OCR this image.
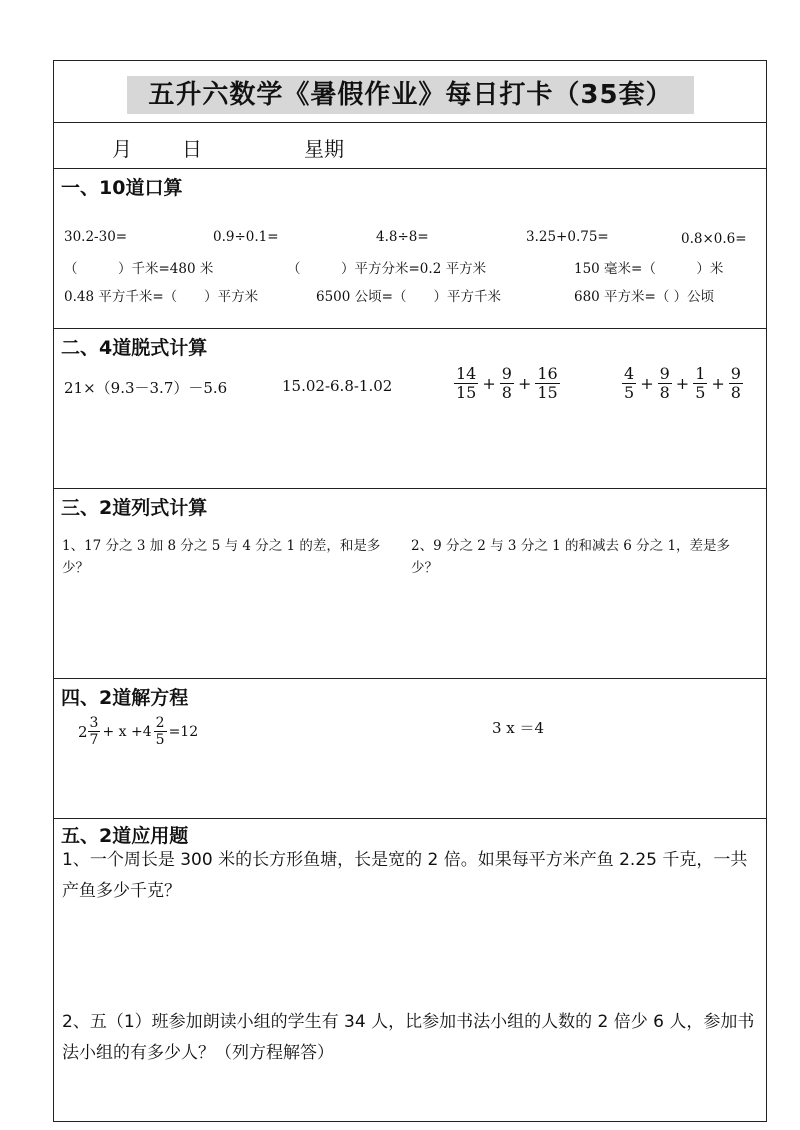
五升六数学《暑假作业》每日打卡（35套）
月	日	星期
一、10道口算
30.2-30=	0.9÷0.1=	4.8÷8=	3.25+0.75=	0.8×0.6=
（　　　）千米=480 米	（　　　）平方分米=0.2 平方米	150 毫米=（　　　）米
0.48 平方千米=（　　）平方米	6500 公顷=（　　）平方千米	680 平方米=（ ）公顷
二、4道脱式计算
21×（9.3－3.7）－5.6	15.02-6.8-1.02	$\frac{14}{15} + \frac{9}{8} + \frac{16}{15}$	$\frac{4}{5} + \frac{9}{8} + \frac{1}{5} + \frac{9}{8}$
三、2道列式计算
1、17 分之 3 加 8 分之 5 与 4 分之 1 的差，和是多少？
2、9 分之 2 与 3 分之 1 的和减去 6 分之 1，差是多少？
四、2道解方程
$2 \frac{3}{7} + x +4 \frac{2}{5} =12$	3 x ＝4
五、2道应用题
1、一个周长是 300 米的长方形鱼塘，长是宽的 2 倍。如果每平方米产鱼 2.25 千克，一共产鱼多少千克？
2、五（1）班参加朗读小组的学生有 34 人，比参加书法小组的人数的 2 倍少 6 人，参加书法小组的有多少人？（列方程解答）
